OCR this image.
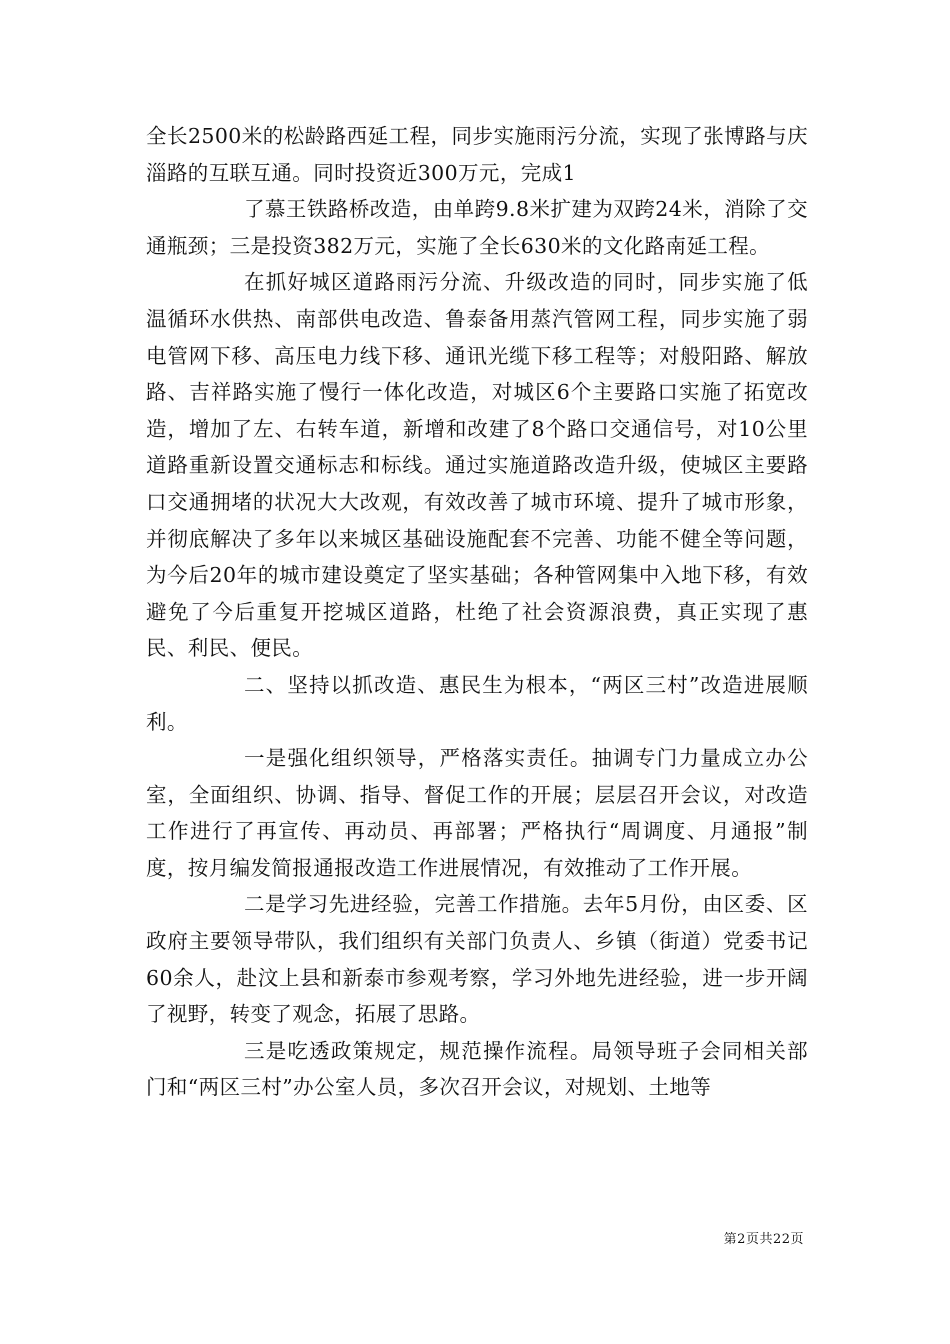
全长2500米的松龄路西延工程，同步实施雨污分流，实现了张博路与庆淄路的互联互通。同时投资近300万元，完成1

了慕王铁路桥改造，由单跨9.8米扩建为双跨24米，消除了交通瓶颈；三是投资382万元，实施了全长630米的文化路南延工程。

在抓好城区道路雨污分流、升级改造的同时，同步实施了低温循环水供热、南部供电改造、鲁泰备用蒸汽管网工程，同步实施了弱电管网下移、高压电力线下移、通讯光缆下移工程等；对般阳路、解放路、吉祥路实施了慢行一体化改造，对城区6个主要路口实施了拓宽改造，增加了左、右转车道，新增和改建了8个路口交通信号，对10公里道路重新设置交通标志和标线。通过实施道路改造升级，使城区主要路口交通拥堵的状况大大改观，有效改善了城市环境、提升了城市形象，并彻底解决了多年以来城区基础设施配套不完善、功能不健全等问题，为今后20年的城市建设奠定了坚实基础；各种管网集中入地下移，有效避免了今后重复开挖城区道路，杜绝了社会资源浪费，真正实现了惠民、利民、便民。

二、坚持以抓改造、惠民生为根本，“两区三村”改造进展顺利。

一是强化组织领导，严格落实责任。抽调专门力量成立办公室，全面组织、协调、指导、督促工作的开展；层层召开会议，对改造工作进行了再宣传、再动员、再部署；严格执行“周调度、月通报”制度，按月编发简报通报改造工作进展情况，有效推动了工作开展。

二是学习先进经验，完善工作措施。去年5月份，由区委、区政府主要领导带队，我们组织有关部门负责人、乡镇（街道）党委书记60余人，赴汶上县和新泰市参观考察，学习外地先进经验，进一步开阔了视野，转变了观念，拓展了思路。

三是吃透政策规定，规范操作流程。局领导班子会同相关部门和“两区三村”办公室人员，多次召开会议，对规划、土地等

第2页共22页
